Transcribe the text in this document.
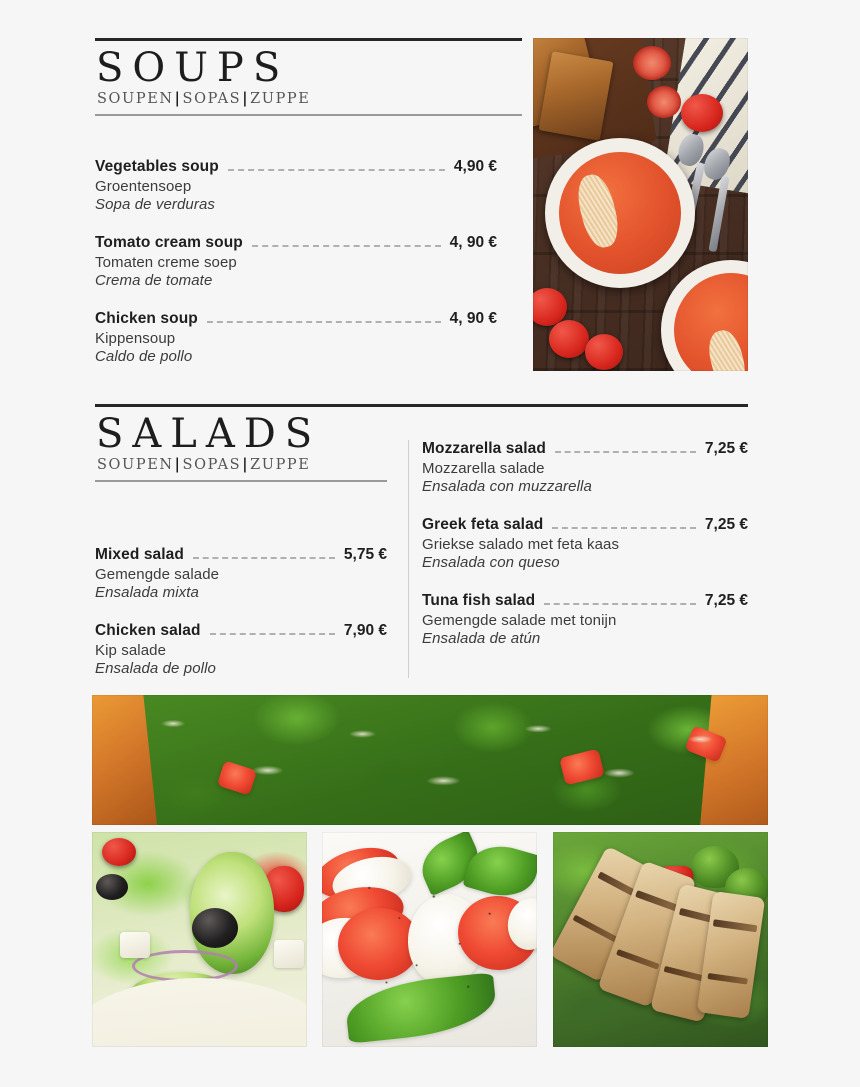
SOUPS
SOUPEN|SOPAS|ZUPPE
Vegetables soup	4,90 €
Groentensoep
Sopa de verduras
Tomato cream soup	4, 90 €
Tomaten creme soep
Crema de tomate
Chicken soup	4, 90 €
Kippensoup
Caldo de pollo
SALADS
SOUPEN|SOPAS|ZUPPE
Mixed salad	5,75 €
Gemengde salade
Ensalada mixta
Chicken salad	7,90 €
Kip salade
Ensalada de pollo
Mozzarella salad	7,25 €
Mozzarella salade
Ensalada con muzzarella
Greek feta salad	7,25 €
Griekse salado met feta kaas
Ensalada con queso
Tuna fish salad	7,25 €
Gemengde salade met tonijn
Ensalada de atún
